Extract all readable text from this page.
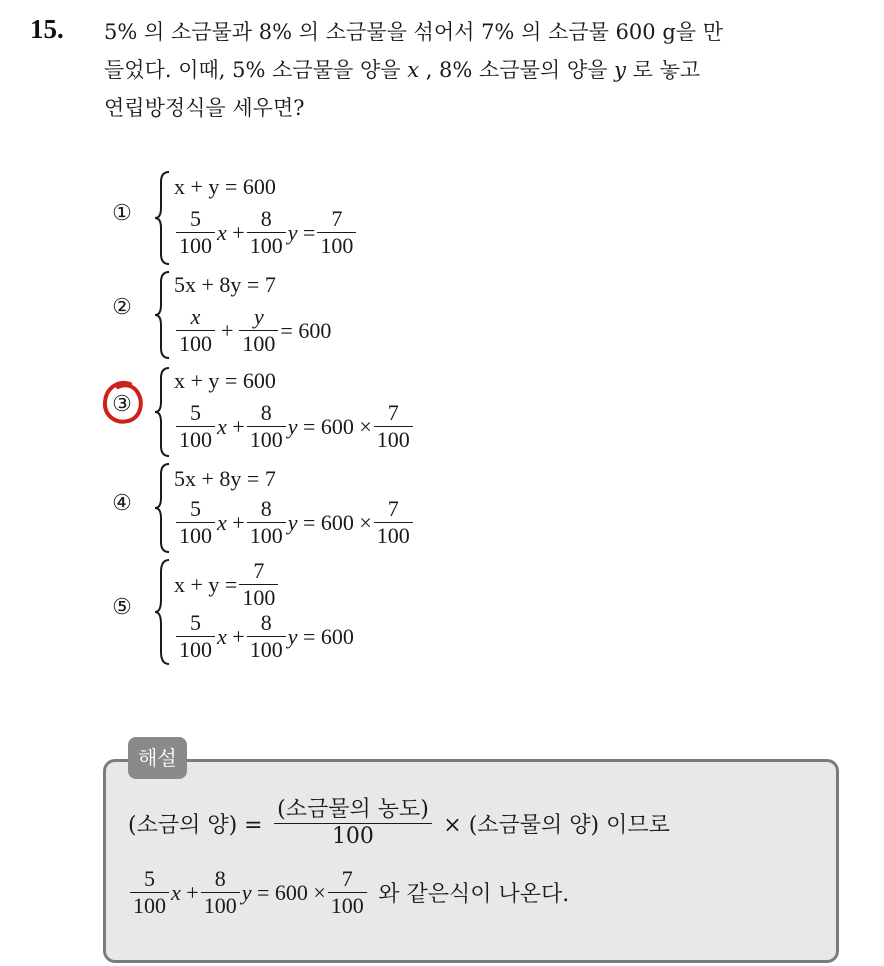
15. 5% 의 소금물과 8% 의 소금물을 섞어서 7% 의 소금물 600 g을 만
들었다. 이때, 5% 소금물을 양을 x , 8% 소금물의 양을 y 로 놓고
연립방정식을 세우면?
①
x + y = 600
$\frac{5}{100}$ $x + \frac{8}{100}$ $y = \frac{7}{100}$
②
5x + 8y = 7
$\frac{x}{100} + \frac{y}{100} = 600$
③
x + y = 600
$\frac{5}{100}$ $x + \frac{8}{100}$ $y = 600 \times \frac{7}{100}$
④
5x + 8y = 7
$\frac{5}{100}$ $x + \frac{8}{100}$ $y = 600 \times \frac{7}{100}$
⑤
$x + y = \frac{7}{100}$
$\frac{5}{100}$ $x + \frac{8}{100}$ y = 600
해설
(소금의 양) = $\frac{\text{(소금물의 농도)}}{100}$ × (소금물의 양) 이므로
$\frac{5}{100}$ $x + \frac{8}{100}$ $y = 600 \times \frac{7}{100}$ 와 같은식이 나온다.
